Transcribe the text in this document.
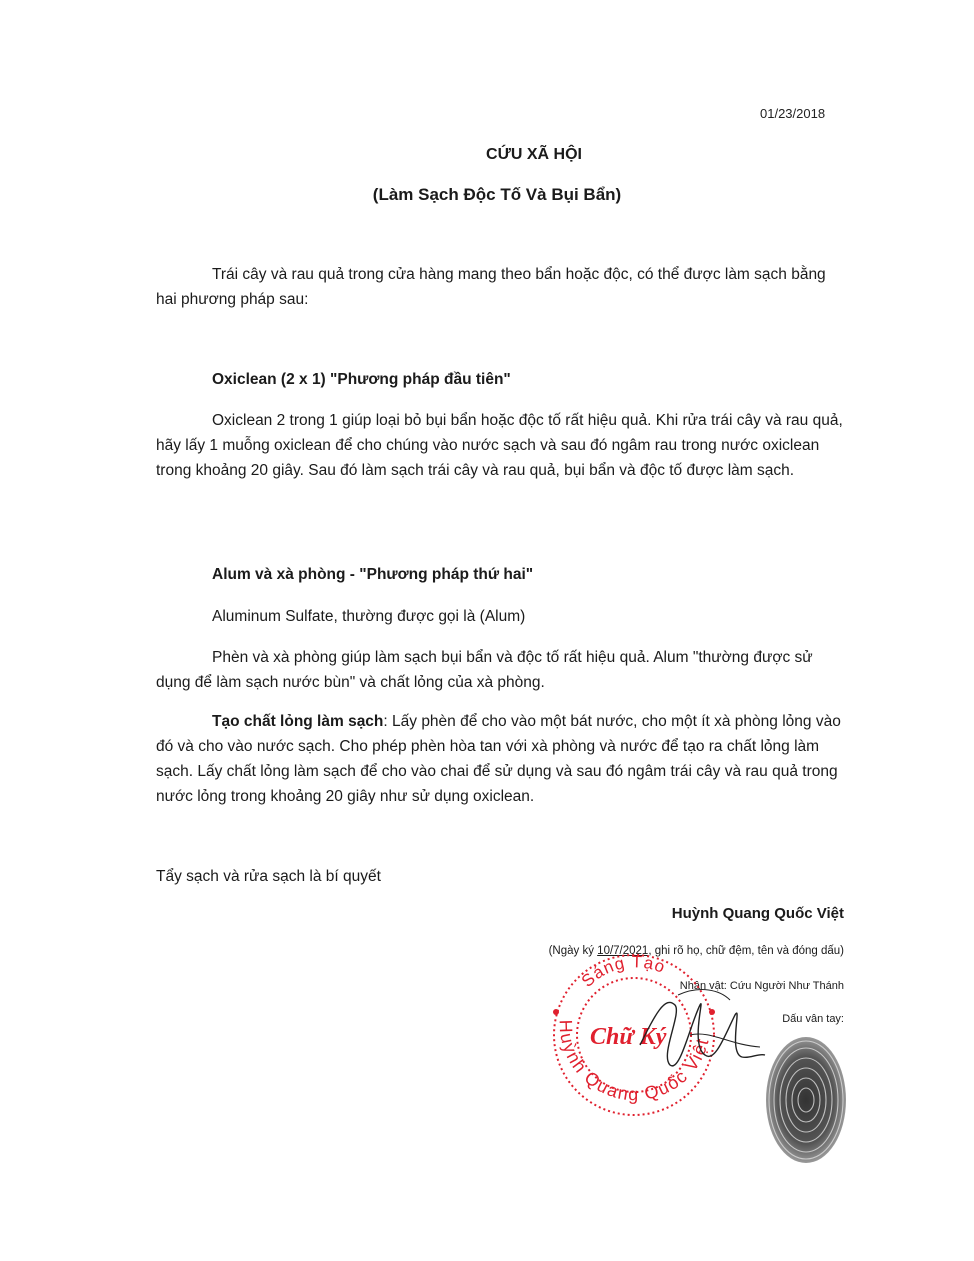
01/23/2018
CỨU XÃ HỘI
(Làm Sạch Độc Tố Và Bụi Bẩn)
Trái cây và rau quả trong cửa hàng mang theo bẩn hoặc độc, có thể được làm sạch bằng hai phương pháp sau:
Oxiclean (2 x 1) "Phương pháp đầu tiên"
Oxiclean 2 trong 1 giúp loại bỏ bụi bẩn hoặc độc tố rất hiệu quả. Khi rửa trái cây và rau quả, hãy lấy 1 muỗng oxiclean để cho chúng vào nước sạch và sau đó ngâm rau trong nước oxiclean trong khoảng 20 giây. Sau đó làm sạch trái cây và rau quả, bụi bẩn và độc tố được làm sạch.
Alum và xà phòng - "Phương pháp thứ hai"
Aluminum Sulfate, thường được gọi là (Alum)
Phèn và xà phòng giúp làm sạch bụi bẩn và độc tố rất hiệu quả. Alum "thường được sử dụng để làm sạch nước bùn" và chất lỏng của xà phòng.
Tạo chất lỏng làm sạch: Lấy phèn để cho vào một bát nước, cho một ít xà phòng lỏng vào đó và cho vào nước sạch. Cho phép phèn hòa tan với xà phòng và nước để tạo ra chất lỏng làm sạch. Lấy chất lỏng làm sạch để cho vào chai để sử dụng và sau đó ngâm trái cây và rau quả trong nước lỏng trong khoảng 20 giây như sử dụng oxiclean.
Tẩy sạch và rửa sạch là bí quyết
Huỳnh Quang Quốc Việt
(Ngày ký 10/7/2021, ghi rõ họ, chữ đệm, tên và đóng dấu)
Nhân vật: Cứu Người Như Thánh
Dấu vân tay:
Sáng Tạo
Huỳnh Quang Quốc Việt
Chữ Ký
